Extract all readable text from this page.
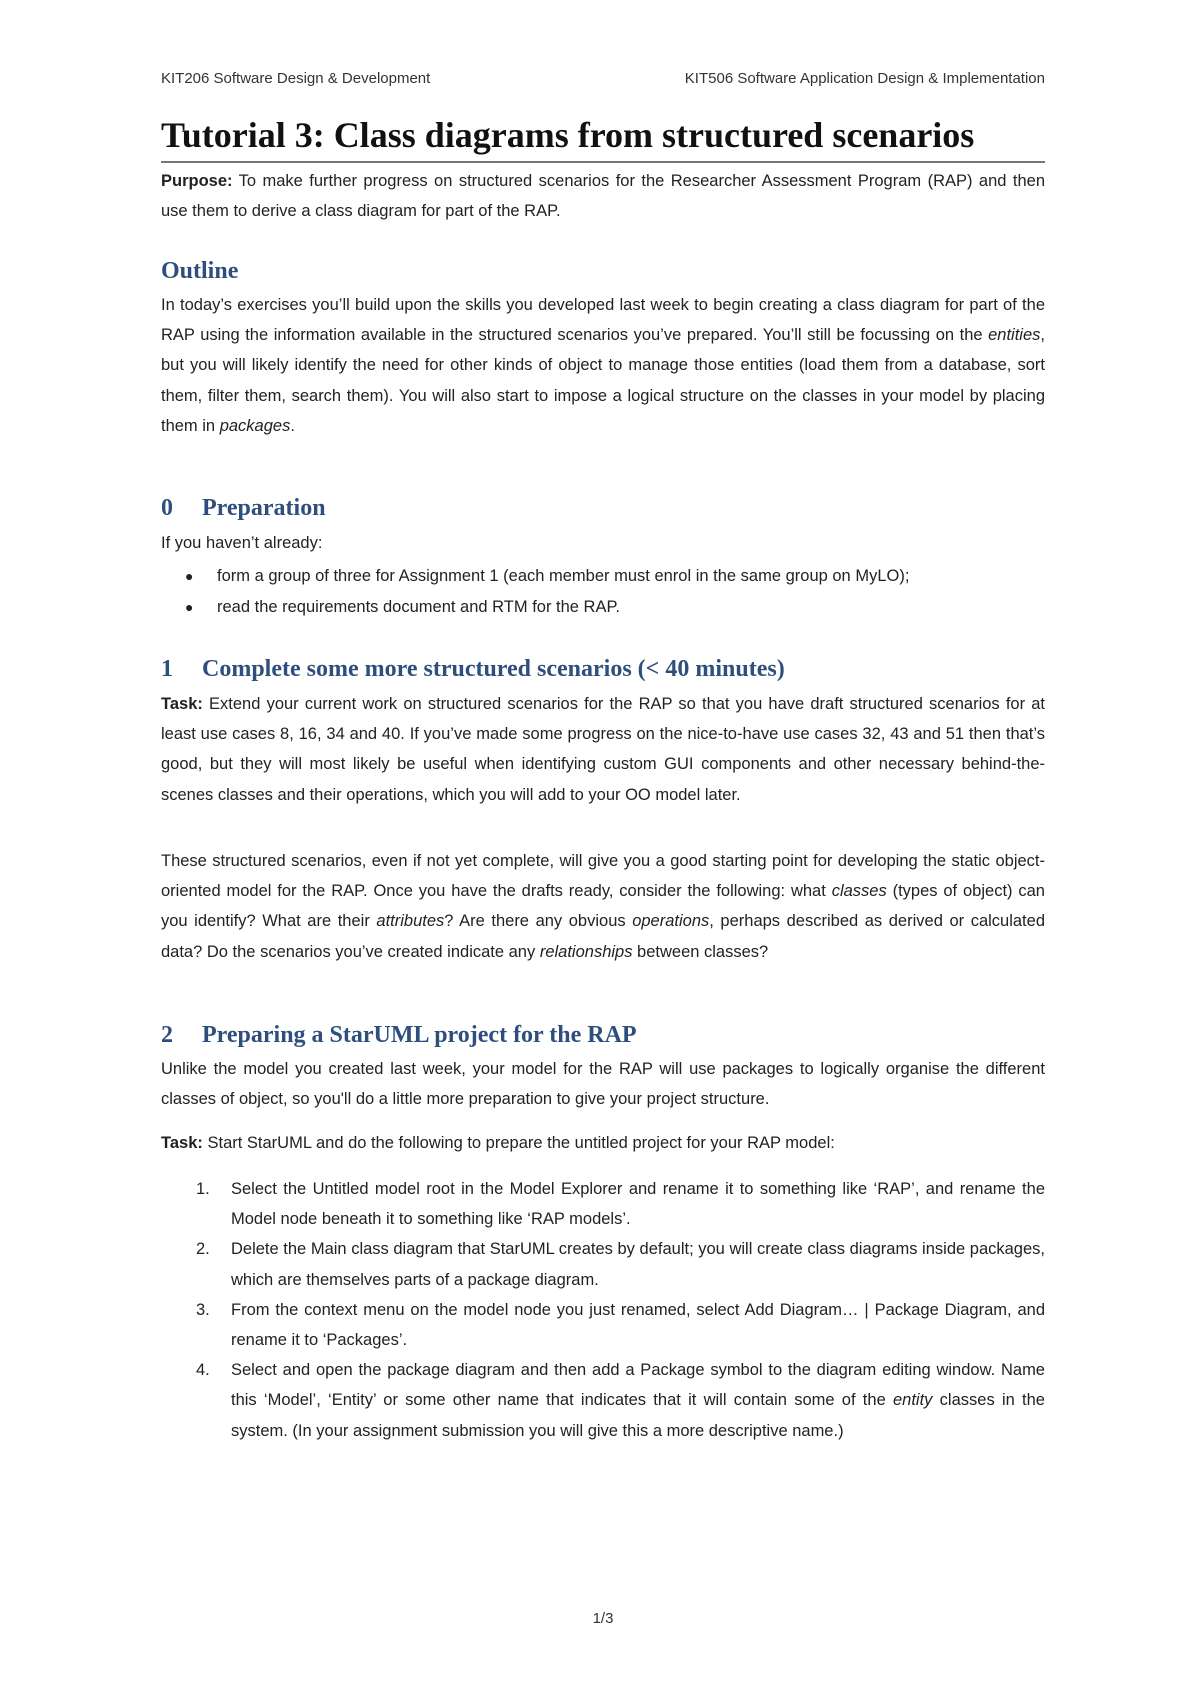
KIT206 Software Design & Development	KIT506 Software Application Design & Implementation
Tutorial 3: Class diagrams from structured scenarios

Purpose: To make further progress on structured scenarios for the Researcher Assessment Program (RAP) and then use them to derive a class diagram for part of the RAP.

Outline

In today’s exercises you’ll build upon the skills you developed last week to begin creating a class diagram for part of the RAP using the information available in the structured scenarios you’ve prepared. You’ll still be focussing on the entities, but you will likely identify the need for other kinds of object to manage those entities (load them from a database, sort them, filter them, search them). You will also start to impose a logical structure on the classes in your model by placing them in packages.

0 Preparation

If you haven’t already:

● form a group of three for Assignment 1 (each member must enrol in the same group on MyLO);
● read the requirements document and RTM for the RAP.
1 Complete some more structured scenarios (< 40 minutes)

Task: Extend your current work on structured scenarios for the RAP so that you have draft structured scenarios for at least use cases 8, 16, 34 and 40. If you’ve made some progress on the nice-to-have use cases 32, 43 and 51 then that’s good, but they will most likely be useful when identifying custom GUI components and other necessary behind-the-scenes classes and their operations, which you will add to your OO model later.

These structured scenarios, even if not yet complete, will give you a good starting point for developing the static object-oriented model for the RAP. Once you have the drafts ready, consider the following: what classes (types of object) can you identify? What are their attributes? Are there any obvious operations, perhaps described as derived or calculated data? Do the scenarios you’ve created indicate any relationships between classes?

2 Preparing a StarUML project for the RAP

Unlike the model you created last week, your model for the RAP will use packages to logically organise the different classes of object, so you'll do a little more preparation to give your project structure.

Task: Start StarUML and do the following to prepare the untitled project for your RAP model:

1. Select the Untitled model root in the Model Explorer and rename it to something like ‘RAP’, and rename the Model node beneath it to something like ‘RAP models’.
2. Delete the Main class diagram that StarUML creates by default; you will create class diagrams inside packages, which are themselves parts of a package diagram.
3. From the context menu on the model node you just renamed, select Add Diagram… | Package Diagram, and rename it to ‘Packages’.
4. Select and open the package diagram and then add a Package symbol to the diagram editing window. Name this ‘Model’, ‘Entity’ or some other name that indicates that it will contain some of the entity classes in the system. (In your assignment submission you will give this a more descriptive name.)
1/3
